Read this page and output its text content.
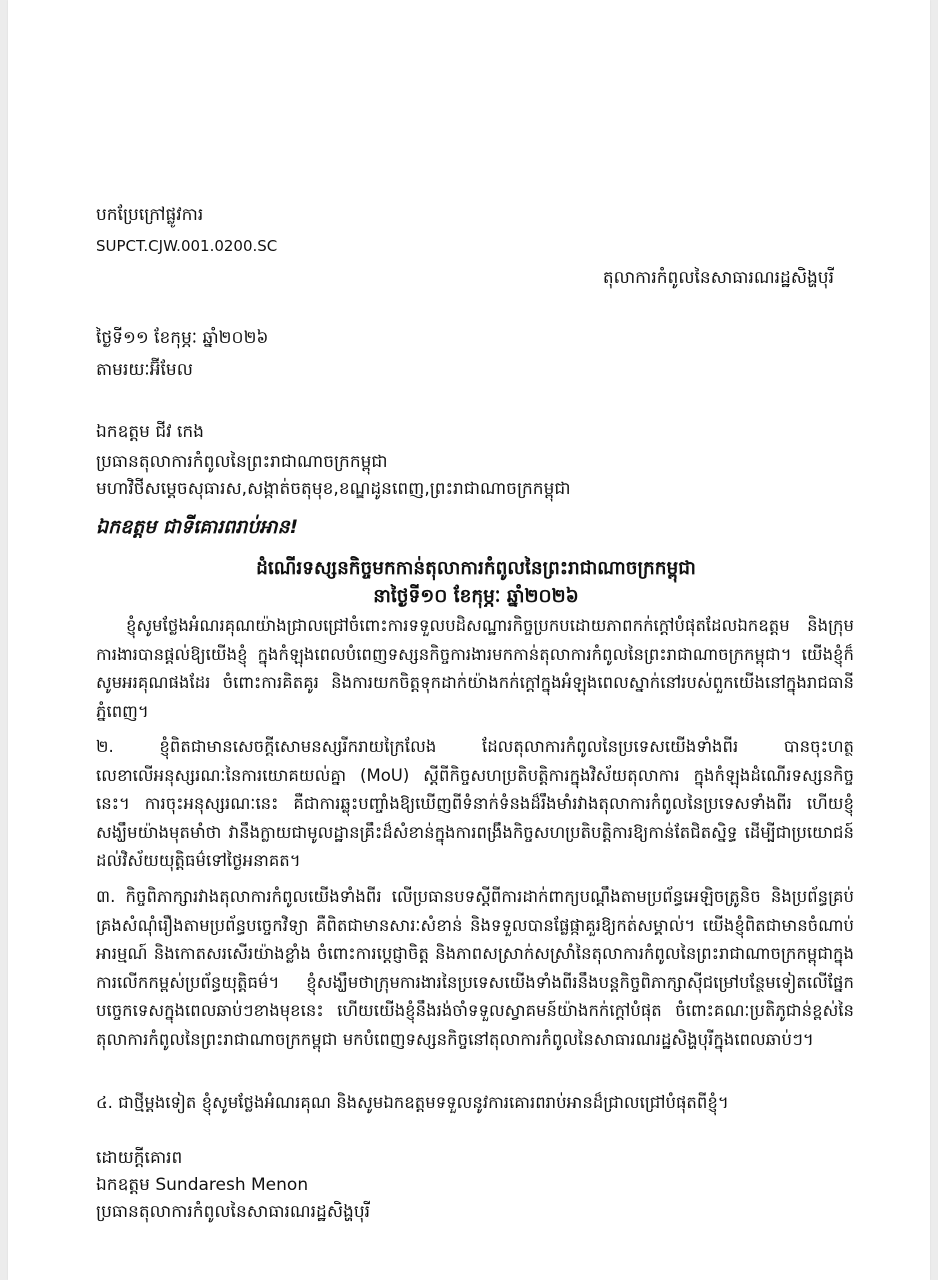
បកប្រែក្រៅផ្លូវការ
SUPCT.CJW.001.0200.SC
តុលាការកំពូលនៃសាធារណរដ្ឋសិង្ហបុរី
ថ្ងៃទី១១ ខែកុម្ភៈ ឆ្នាំ២០២៦
តាមរយៈអ៊ីមែល
ឯកឧត្តម ជីវ កេង
ប្រធានតុលាការកំពូលនៃព្រះរាជាណាចក្រកម្ពុជា
មហាវិថីសម្តេចសុធារស,សង្កាត់ចតុមុខ,ខណ្ឌដូនពេញ,ព្រះរាជាណាចក្រកម្ពុជា
ឯកឧត្តម ជាទីគោរពរាប់អាន!
ដំណើរទស្សនកិច្ចមកកាន់តុលាការកំពូលនៃព្រះរាជាណាចក្រកម្ពុជា
នាថ្ងៃទី១០ ខែកុម្ភៈ ឆ្នាំ២០២៦
ខ្ញុំសូមថ្លែងអំណរគុណយ៉ាងជ្រាលជ្រៅចំពោះការទទួលបដិសណ្ឋារកិច្ចប្រកបដោយភាពកក់ក្តៅបំផុតដែលឯកឧត្តម និងក្រុមការងារបានផ្តល់ឱ្យយើងខ្ញុំ ក្នុងកំឡុងពេលបំពេញទស្សនកិច្ចការងារមកកាន់តុលាការកំពូលនៃព្រះរាជាណាចក្រកម្ពុជា។ យើងខ្ញុំក៏សូមអរគុណផងដែរ ចំពោះការគិតគូរ និងការយកចិត្តទុកដាក់យ៉ាងកក់ក្តៅក្នុងអំឡុងពេលស្នាក់នៅរបស់ពួកយើងនៅក្នុងរាជធានីភ្នំពេញ។
២. ខ្ញុំពិតជាមានសេចក្តីសោមនស្សរីករាយក្រៃលែង ដែលតុលាការកំពូលនៃប្រទេសយើងទាំងពីរ បានចុះហត្ថលេខាលើអនុស្សរណៈនៃការយោគយល់គ្នា (MoU) ស្តីពីកិច្ចសហប្រតិបត្តិការក្នុងវិស័យតុលាការ ក្នុងកំឡុងដំណើរទស្សនកិច្ចនេះ។ ការចុះអនុស្សរណៈនេះ គឺជាការឆ្លុះបញ្ចាំងឱ្យឃើញពីទំនាក់ទំនងដ៏រឹងមាំរវាងតុលាការកំពូលនៃប្រទេសទាំងពីរ ហើយខ្ញុំសង្ឃឹមយ៉ាងមុតមាំថា វានឹងក្លាយជាមូលដ្ឋានគ្រឹះដ៏សំខាន់ក្នុងការពង្រឹងកិច្ចសហប្រតិបត្តិការឱ្យកាន់តែជិតស្និទ្ធ ដើម្បីជាប្រយោជន៍ដល់វិស័យយុត្តិធម៌ទៅថ្ងៃអនាគត។
៣. កិច្ចពិភាក្សារវាងតុលាការកំពូលយើងទាំងពីរ លើប្រធានបទស្តីពីការដាក់ពាក្យបណ្តឹងតាមប្រព័ន្ធអេឡិចត្រូនិច និងប្រព័ន្ធគ្រប់គ្រងសំណុំរឿងតាមប្រព័ន្ធបច្ចេកវិទ្យា គឺពិតជាមានសារៈសំខាន់ និងទទួលបានផ្លែផ្កាគួរឱ្យកត់សម្គាល់។ យើងខ្ញុំពិតជាមានចំណាប់អារម្មណ៍ និងកោតសរសើរយ៉ាងខ្លាំង ចំពោះការប្តេជ្ញាចិត្ត និងភាពសស្រាក់សស្រាំនៃតុលាការកំពូលនៃព្រះរាជាណាចក្រកម្ពុជាក្នុងការលើកកម្ពស់ប្រព័ន្ធយុត្តិធម៌។ ខ្ញុំសង្ឃឹមថាក្រុមការងារនៃប្រទេសយើងទាំងពីរនឹងបន្តកិច្ចពិភាក្សាស៊ីជម្រៅបន្ថែមទៀតលើផ្នែកបច្ចេកទេសក្នុងពេលឆាប់ៗខាងមុខនេះ ហើយយើងខ្ញុំនឹងរង់ចាំទទួលស្វាគមន៍យ៉ាងកក់ក្តៅបំផុត ចំពោះគណៈប្រតិភូជាន់ខ្ពស់នៃតុលាការកំពូលនៃព្រះរាជាណាចក្រកម្ពុជា មកបំពេញទស្សនកិច្ចនៅតុលាការកំពូលនៃសាធារណរដ្ឋសិង្ហបុរីក្នុងពេលឆាប់ៗ។
៤. ជាថ្មីម្តងទៀត ខ្ញុំសូមថ្លែងអំណរគុណ និងសូមឯកឧត្តមទទួលនូវការគោរពរាប់អានដ៏ជ្រាលជ្រៅបំផុតពីខ្ញុំ។
ដោយក្តីគោរព
ឯកឧត្តម Sundaresh Menon
ប្រធានតុលាការកំពូលនៃសាធារណរដ្ឋសិង្ហបុរី
